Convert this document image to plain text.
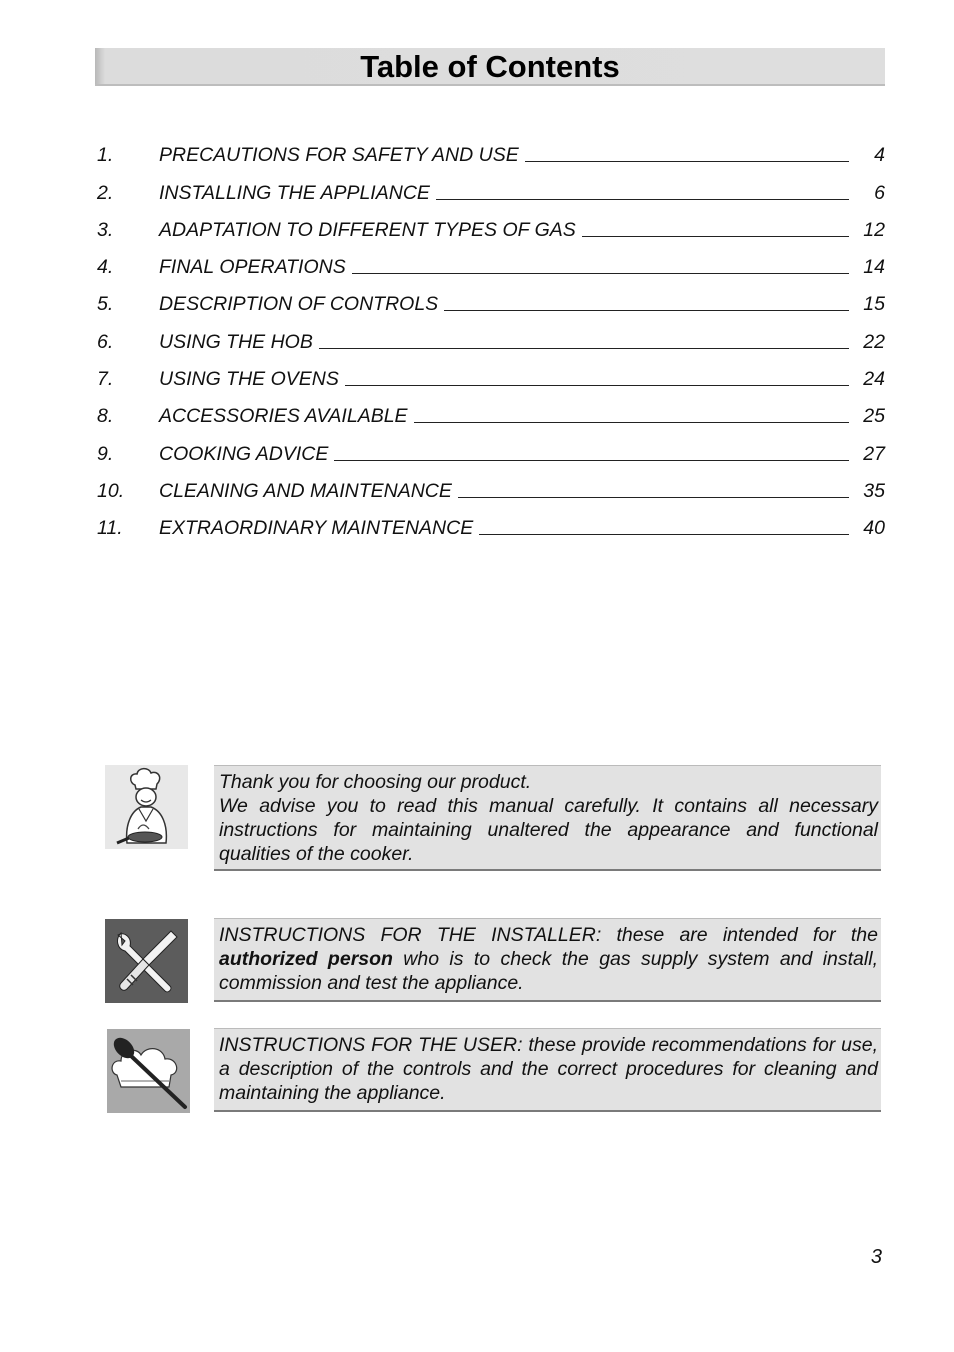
Table of Contents
1.	PRECAUTIONS FOR SAFETY AND USE	4
2.	INSTALLING THE APPLIANCE	6
3.	ADAPTATION TO DIFFERENT TYPES OF GAS	12
4.	FINAL OPERATIONS	14
5.	DESCRIPTION OF CONTROLS	15
6.	USING THE HOB	22
7.	USING THE OVENS	24
8.	ACCESSORIES AVAILABLE	25
9.	COOKING ADVICE	27
10.	CLEANING AND MAINTENANCE	35
11.	EXTRAORDINARY MAINTENANCE	40

Thank you for choosing our product.

We advise you to read this manual carefully. It contains all necessary instructions for maintaining unaltered the appearance and functional qualities of the cooker.

INSTRUCTIONS FOR THE INSTALLER: these are intended for the authorized person who is to check the gas supply system and install, commission and test the appliance.

INSTRUCTIONS FOR THE USER: these provide recommendations for use, a description of the controls and the correct procedures for cleaning and maintaining the appliance.

3
